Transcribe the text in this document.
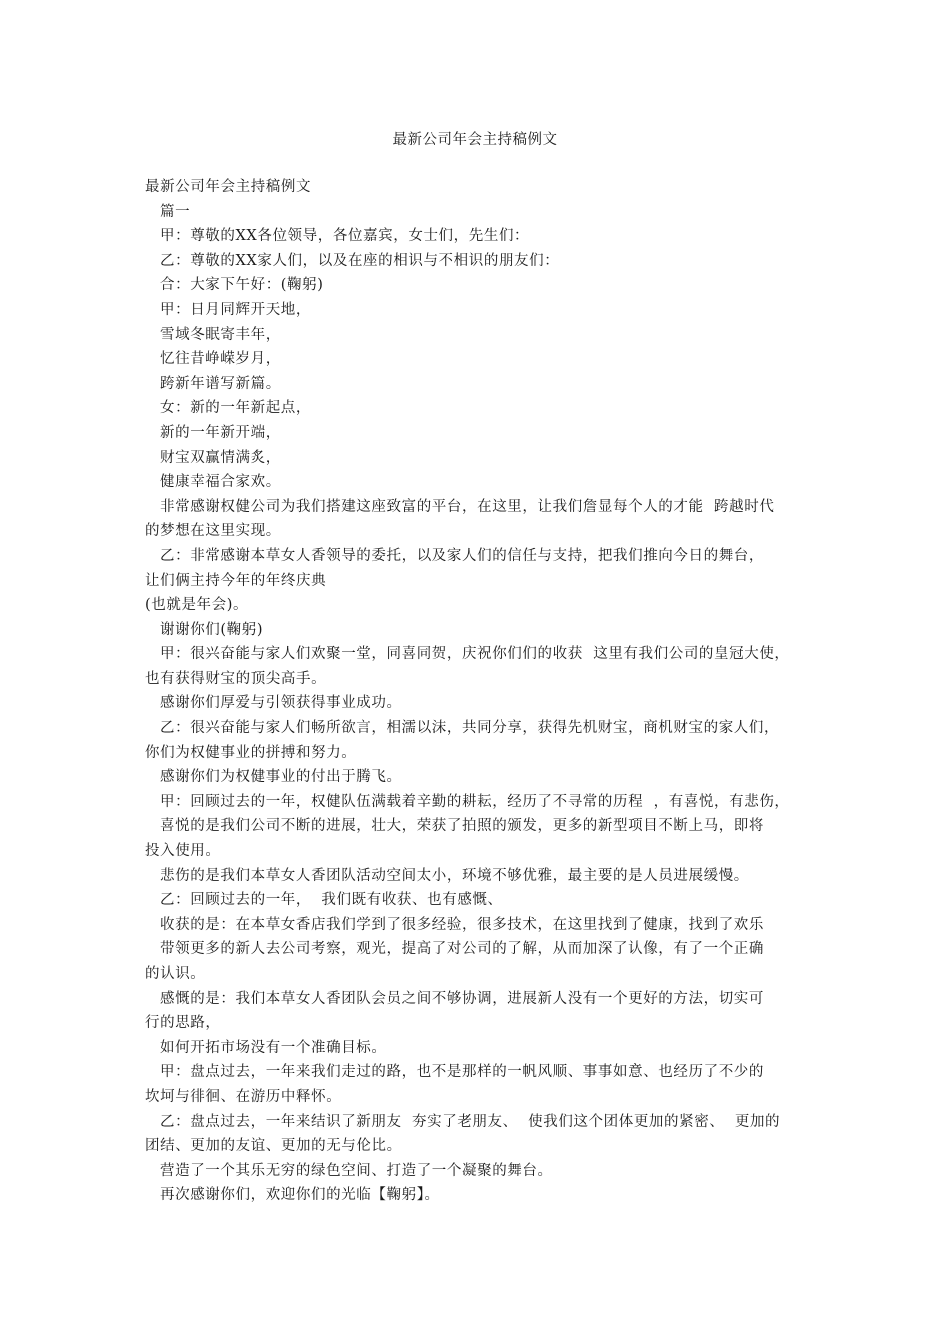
最新公司年会主持稿例文
最新公司年会主持稿例文
篇一
甲：尊敬的XX各位领导，各位嘉宾，女士们，先生们：
乙：尊敬的XX家人们，以及在座的相识与不相识的朋友们：
合：大家下午好：(鞠躬)
甲：日月同辉开天地，
雪域冬眠寄丰年，
忆往昔峥嵘岁月，
跨新年谱写新篇。
女：新的一年新起点，
新的一年新开端，
财宝双赢情满炙，
健康幸福合家欢。
非常感谢权健公司为我们搭建这座致富的平台，在这里，让我们詹显每个人的才能  跨越时代
的梦想在这里实现。
乙：非常感谢本草女人香领导的委托，以及家人们的信任与支持，把我们推向今日的舞台，
让们俩主持今年的年终庆典
(也就是年会)。
谢谢你们(鞠躬)
甲：很兴奋能与家人们欢聚一堂，同喜同贺，庆祝你们们的收获  这里有我们公司的皇冠大使，
也有获得财宝的顶尖高手。
感谢你们厚爱与引领获得事业成功。
乙：很兴奋能与家人们畅所欲言，相濡以沫，共同分享，获得先机财宝，商机财宝的家人们，
你们为权健事业的拼搏和努力。
感谢你们为权健事业的付出于腾飞。
甲：回顾过去的一年，权健队伍满载着辛勤的耕耘，经历了不寻常的历程  ，有喜悦，有悲伤，
喜悦的是我们公司不断的进展，壮大，荣获了拍照的颁发，更多的新型项目不断上马，即将
投入使用。
悲伤的是我们本草女人香团队活动空间太小，环境不够优雅，最主要的是人员进展缓慢。
乙：回顾过去的一年，  我们既有收获、也有感慨、
收获的是：在本草女香店我们学到了很多经验，很多技术，在这里找到了健康，找到了欢乐
带领更多的新人去公司考察，观光，提高了对公司的了解，从而加深了认像，有了一个正确
的认识。
感慨的是：我们本草女人香团队会员之间不够协调，进展新人没有一个更好的方法，切实可
行的思路，
如何开拓市场没有一个准确目标。
甲：盘点过去，一年来我们走过的路，也不是那样的一帆风顺、事事如意、也经历了不少的
坎坷与徘徊、在游历中释怀。
乙：盘点过去，一年来结识了新朋友  夯实了老朋友、  使我们这个团体更加的紧密、  更加的
团结、更加的友谊、更加的无与伦比。
营造了一个其乐无穷的绿色空间、打造了一个凝聚的舞台。
再次感谢你们，欢迎你们的光临【鞠躬】。
